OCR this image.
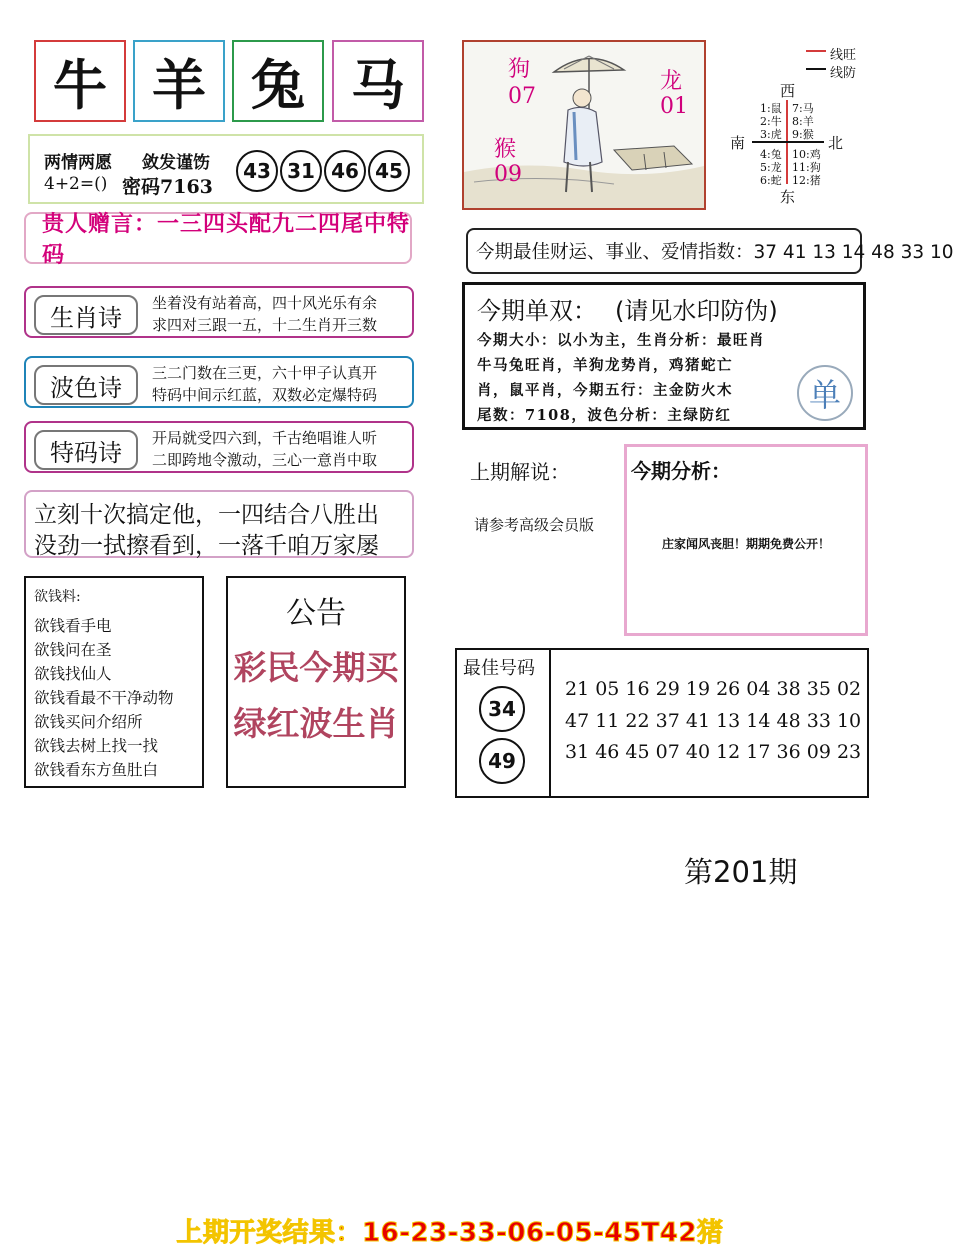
牛 羊 兔 马
两情两愿 敛发谨饬
4+2=() 密码7163
43 31 46 45
贵人赠言：一三四头配九二四尾中特码
生肖诗
坐着没有站着高，四十风光乐有余
求四对三跟一五，十二生肖开三数
波色诗
三二门数在三更，六十甲子认真开
特码中间示红蓝，双数必定爆特码
特码诗
开局就受四六到，千古绝唱谁人听
二即跨地令激动，三心一意肖中取
立刻十次搞定他，一四结合八胜出
没劲一拭擦看到，一落千咱万家屡
欲钱料:
欲钱看手电
欲钱问在圣
欲钱找仙人
欲钱看最不干净动物
欲钱买问介绍所
欲钱去树上找一找
欲钱看东方鱼肚白
公告
彩民今期买
绿红波生肖
狗
07
龙
01
猴
09
线旺
线防
西
南	北
东
1:鼠
2:牛
3:虎
7:马
8:羊
9:猴
4:兔
5:龙
6:蛇
10:鸡
11:狗
12:猪
今期最佳财运、事业、爱情指数：37 41 13 14 48 33 10
今期单双： (请见水印防伪)
今期大小：以小为主，生肖分析：最旺肖
牛马兔旺肖，羊狗龙势肖，鸡猪蛇亡
肖，鼠平肖，今期五行：主金防火木
尾数：7108，波色分析：主绿防红
单
上期解说：
请参考高级会员版
今期分析：
庄家闻风丧胆！期期免费公开！
最佳号码
34
49
21 05 16 29 19 26 04 38 35 02
47 11 22 37 41 13 14 48 33 10
31 46 45 07 40 12 17 36 09 23
第201期
上期开奖结果：16-23-33-06-05-45T42猪
